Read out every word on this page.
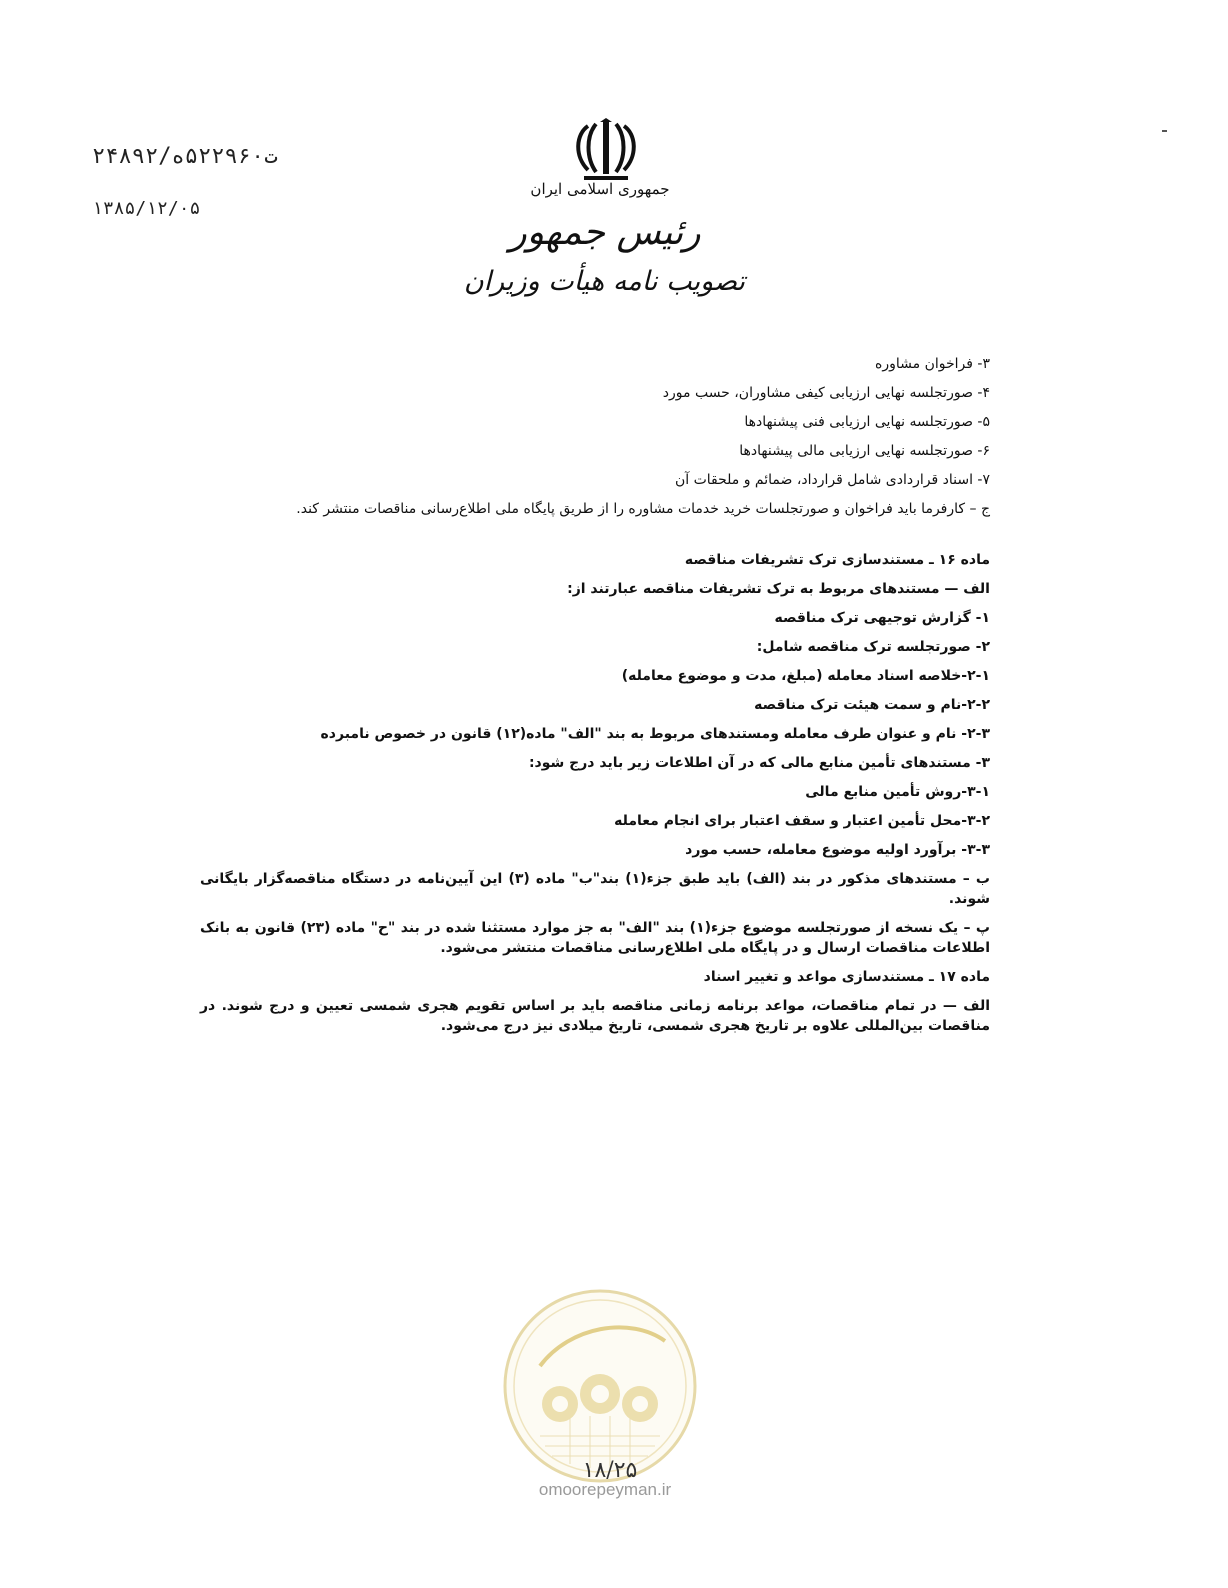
جمهوری اسلامی ایران
رئیس جمهور
تصویب نامه هیأت وزیران
۲۴۸۹۲/ت۵۲۲۹۶۰ه
۱۳۸۵/۱۲/۰۵
۳- فراخوان مشاوره
۴- صورتجلسه نهایی ارزیابی کیفی مشاوران، حسب مورد
۵- صورتجلسه نهایی ارزیابی فنی پیشنهادها
۶- صورتجلسه نهایی ارزیابی مالی پیشنهادها
۷- اسناد قراردادی شامل قرارداد، ضمائم و ملحقات آن
ج – کارفرما باید فراخوان و صورتجلسات خرید خدمات مشاوره را از طریق پایگاه ملی اطلاع‌رسانی مناقصات منتشر کند.
ماده ۱۶ ـ مستندسازی ترک تشریفات مناقصه
الف — مستندهای مربوط به ترک تشریفات مناقصه عبارتند از:
۱- گزارش توجیهی ترک مناقصه
۲- صورتجلسه ترک مناقصه شامل:
۲-۱-خلاصه اسناد معامله (مبلغ، مدت و موضوع معامله)
۲-۲-نام و سمت هیئت ترک مناقصه
۲-۳- نام و عنوان طرف معامله ومستندهای مربوط به بند "الف" ماده(۱۲) قانون در خصوص نامبرده
۳- مستندهای تأمین منابع مالی که در آن اطلاعات زیر باید درج شود:
۳-۱-روش تأمین منابع مالی
۳-۲-محل تأمین اعتبار و سقف اعتبار برای انجام معامله
۳-۳- برآورد اولیه موضوع معامله، حسب مورد
ب – مستندهای مذکور در بند (الف) باید طبق جزء(۱) بند"ب" ماده (۳) این آیین‌نامه در دستگاه مناقصه‌گزار بایگانی شوند.
پ – یک نسخه از صورتجلسه موضوع جزء(۱) بند "الف" به جز موارد مستثنا شده در بند "ح" ماده (۲۳) قانون به بانک اطلاعات مناقصات ارسال و در پایگاه ملی اطلاع‌رسانی مناقصات منتشر می‌شود.
ماده ۱۷ ـ مستندسازی مواعد و تغییر اسناد
الف — در تمام مناقصات، مواعد برنامه زمانی مناقصه باید بر اساس تقویم هجری شمسی تعیین و درج شوند. در مناقصات بین‌المللی علاوه بر تاریخ هجری شمسی، تاریخ میلادی نیز درج می‌شود.
۱۸/۲۵
omoorepeyman.ir
